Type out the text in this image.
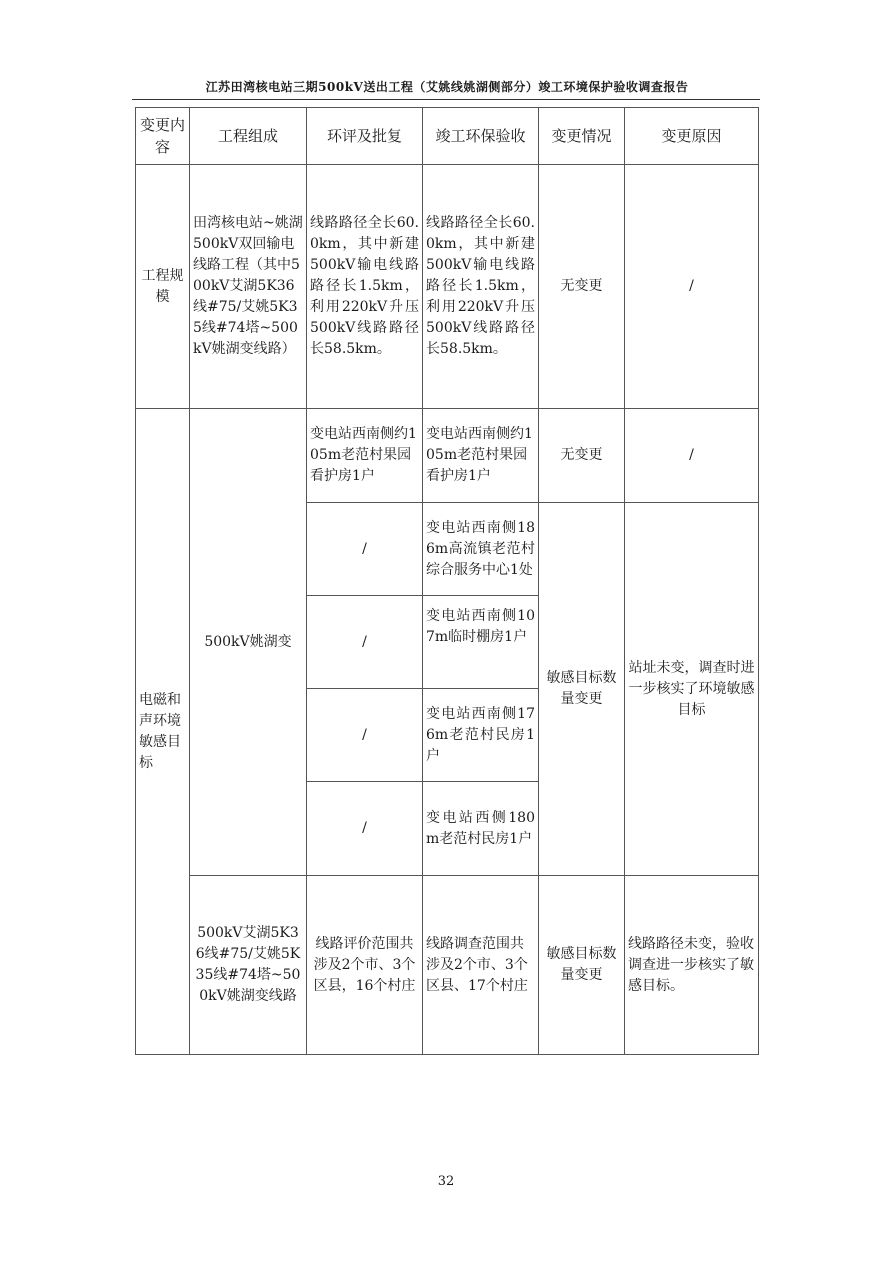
江苏田湾核电站三期500kV送出工程（艾姚线姚湖侧部分）竣工环境保护验收调查报告
变更内容	工程组成	环评及批复	竣工环保验收	变更情况	变更原因
工程规模	田湾核电站~姚湖500kV双回输电线路工程（其中500kV艾湖5K36线#75/艾姚5K35线#74塔~500kV姚湖变线路）	线路路径全长60.0km，其中新建500kV输电线路路径长1.5km，利用220kV升压500kV线路路径长58.5km。	线路路径全长60.0km，其中新建500kV输电线路路径长1.5km，利用220kV升压500kV线路路径长58.5km。	无变更	/
电磁和声环境敏感目标	500kV姚湖变	变电站西南侧约105m老范村果园看护房1户	变电站西南侧约105m老范村果园看护房1户	无变更	/
		/	变电站西南侧186m高流镇老范村综合服务中心1处	敏感目标数量变更	站址未变，调查时进一步核实了环境敏感目标
		/	变电站西南侧107m临时棚房1户		
		/	变电站西南侧176m老范村民房1户		
		/	变电站西侧180m老范村民房1户		
	500kV艾湖5K36线#75/艾姚5K35线#74塔~500kV姚湖变线路	线路评价范围共涉及2个市、3个区县，16个村庄	线路调查范围共涉及2个市、3个区县、17个村庄	敏感目标数量变更	线路路径未变，验收调查进一步核实了敏感目标。
32
